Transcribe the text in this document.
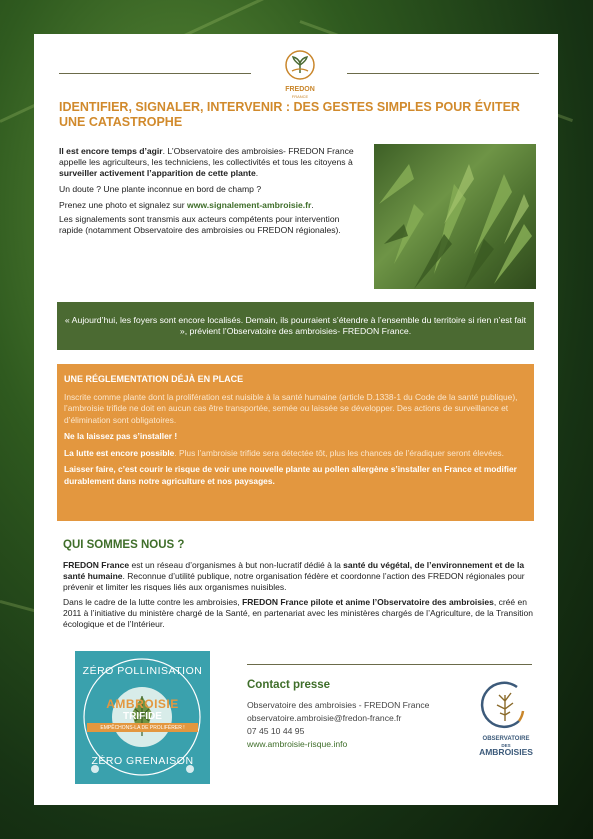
FREDON
FRANCE
IDENTIFIER, SIGNALER, INTERVENIR : DES GESTES SIMPLES POUR ÉVITER UNE CATASTROPHE

Il est encore temps d’agir. L’Observatoire des ambroisies- FREDON France appelle les agriculteurs, les techniciens, les collectivités et tous les citoyens à surveiller activement l’apparition de cette plante.

Un doute ? Une plante inconnue en bord de champ ?

Prenez une photo et signalez sur www.signalement-ambroisie.fr.

Les signalements sont transmis aux acteurs compétents pour intervention rapide (notamment Observatoire des ambroisies ou FREDON régionales).

« Aujourd’hui, les foyers sont encore localisés. Demain, ils pourraient s’étendre à l’ensemble du territoire si rien n’est fait », prévient l’Observatoire des ambroisies- FREDON France.
UNE RÉGLEMENTATION DÉJÀ EN PLACE

Inscrite comme plante dont la prolifération est nuisible à la santé humaine (article D.1338-1 du Code de la santé publique), l’ambroisie trifide ne doit en aucun cas être transportée, semée ou laissée se développer. Des actions de surveillance et d’élimination sont obligatoires.

Ne la laissez pas s’installer !

La lutte est encore possible. Plus l’ambroisie trifide sera détectée tôt, plus les chances de l’éradiquer seront élevées.

Laisser faire, c’est courir le risque de voir une nouvelle plante au pollen allergène s’installer en France et modifier durablement dans notre agriculture et nos paysages.

QUI SOMMES NOUS ?

FREDON France est un réseau d’organismes à but non-lucratif dédié à la santé du végétal, de l’environnement et de la santé humaine. Reconnue d’utilité publique, notre organisation fédère et coordonne l’action des FREDON régionales pour prévenir et limiter les risques liés aux organismes nuisibles.

Dans le cadre de la lutte contre les ambroisies, FREDON France pilote et anime l’Observatoire des ambroisies, créé en 2011 à l’initiative du ministère chargé de la Santé, en partenariat avec les ministères chargés de l’Agriculture, de la Transition écologique et de l’Intérieur.

ZÉRO POLLINISATION
AMBROISIE
TRIFIDE
EMPÊCHONS-LA DE PROLIFÉRER !
ZÉRO GRENAISON
Contact presse
Observatoire des ambroisies - FREDON France
observatoire.ambroisie@fredon-france.fr
07 45 10 44 95
www.ambroisie-risque.info	OBSERVATOIRE
DES
AMBROISIES
